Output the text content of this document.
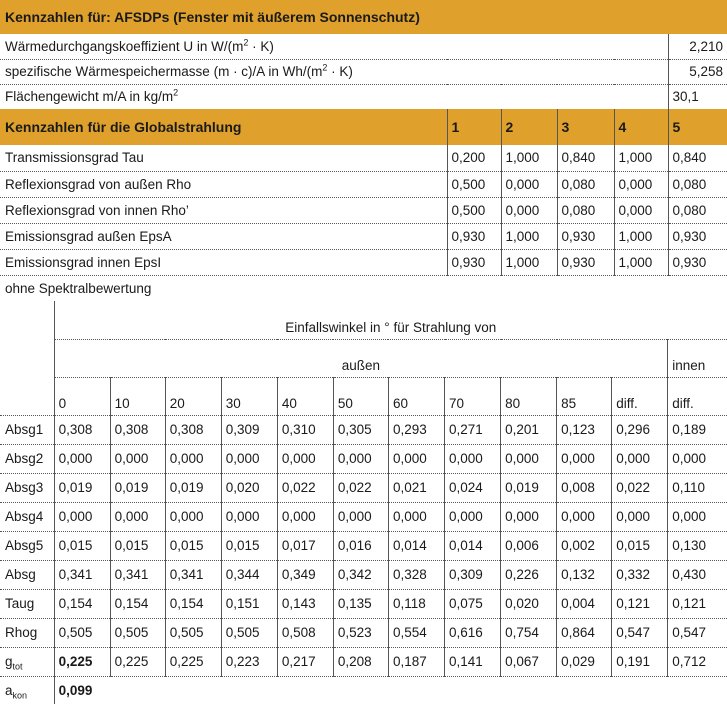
Kennzahlen für: AFSDPs (Fenster mit äußerem Sonnenschutz)					
Wärmedurchgangskoeffizient U in $W/(m^2 \cdot K)$					2,210
spezifische Wärmespeichermasse (m · c)/A in $Wh/(m^2 \cdot K)$					5,258
Flächengewicht m/A in $kg/m^2$					30,1
Kennzahlen für die Globalstrahlung	1	2	3	4	5
Transmissionsgrad Tau	0,200	1,000	0,840	1,000	0,840
Reflexionsgrad von außen Rho	0,500	0,000	0,080	0,000	0,080
Reflexionsgrad von innen Rho’	0,500	0,000	0,080	0,000	0,080
Emissionsgrad außen EpsA	0,930	1,000	0,930	1,000	0,930
Emissionsgrad innen EpsI	0,930	1,000	0,930	1,000	0,930
ohne Spektralbewertung					
	Einfallswinkel in ° für Strahlung von											
	außen											innen
	0	10	20	30	40	50	60	70	80	85	diff.	diff.
Absg1	0,308	0,308	0,308	0,309	0,310	0,305	0,293	0,271	0,201	0,123	0,296	0,189
Absg2	0,000	0,000	0,000	0,000	0,000	0,000	0,000	0,000	0,000	0,000	0,000	0,000
Absg3	0,019	0,019	0,019	0,020	0,022	0,022	0,021	0,024	0,019	0,008	0,022	0,110
Absg4	0,000	0,000	0,000	0,000	0,000	0,000	0,000	0,000	0,000	0,000	0,000	0,000
Absg5	0,015	0,015	0,015	0,015	0,017	0,016	0,014	0,014	0,006	0,002	0,015	0,130
Absg	0,341	0,341	0,341	0,344	0,349	0,342	0,328	0,309	0,226	0,132	0,332	0,430
Taug	0,154	0,154	0,154	0,151	0,143	0,135	0,118	0,075	0,020	0,004	0,121	0,121
Rhog	0,505	0,505	0,505	0,505	0,508	0,523	0,554	0,616	0,754	0,864	0,547	0,547
$g_{tot}$	0,225	0,225	0,225	0,223	0,217	0,208	0,187	0,141	0,067	0,029	0,191	0,712
$a_{kon}$	0,099											
